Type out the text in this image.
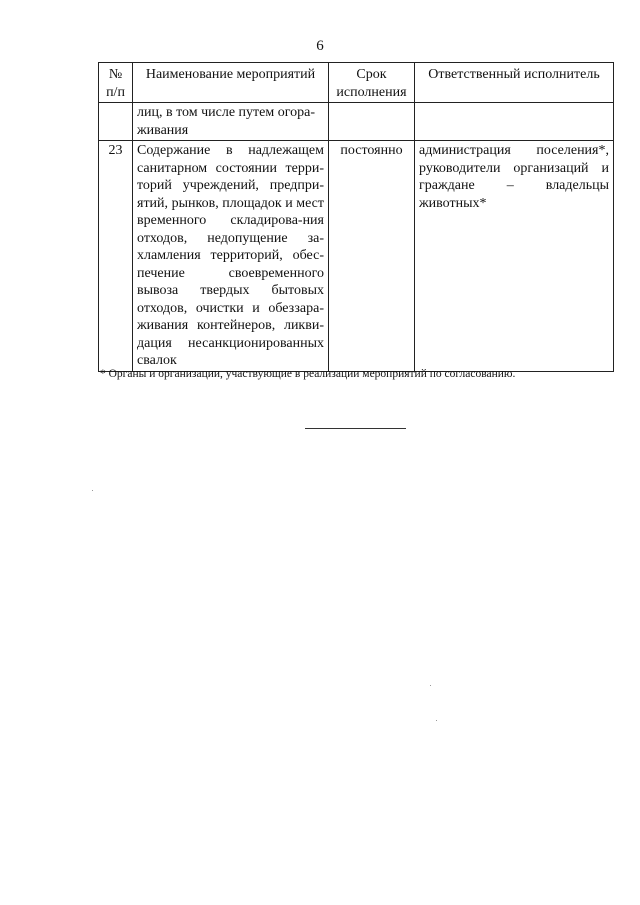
6
№ п/п	Наименование мероприятий	Срок исполнения	Ответственный исполнитель
	лиц, в том числе путем огора-живания		
23	Содержание в надлежащем санитарном состоянии терри-торий учреждений, предпри-ятий, рынков, площадок и мест временного складирова-ния отходов, недопущение за-хламления территорий, обес-печение своевременного вывоза твердых бытовых отходов, очистки и обеззара-живания контейнеров, ликви-дация несанкционированных свалок	постоянно	администрация поселения*, руководители организаций и граждане – владельцы животных*
* Органы и организации, участвующие в реализации мероприятий по согласованию.
